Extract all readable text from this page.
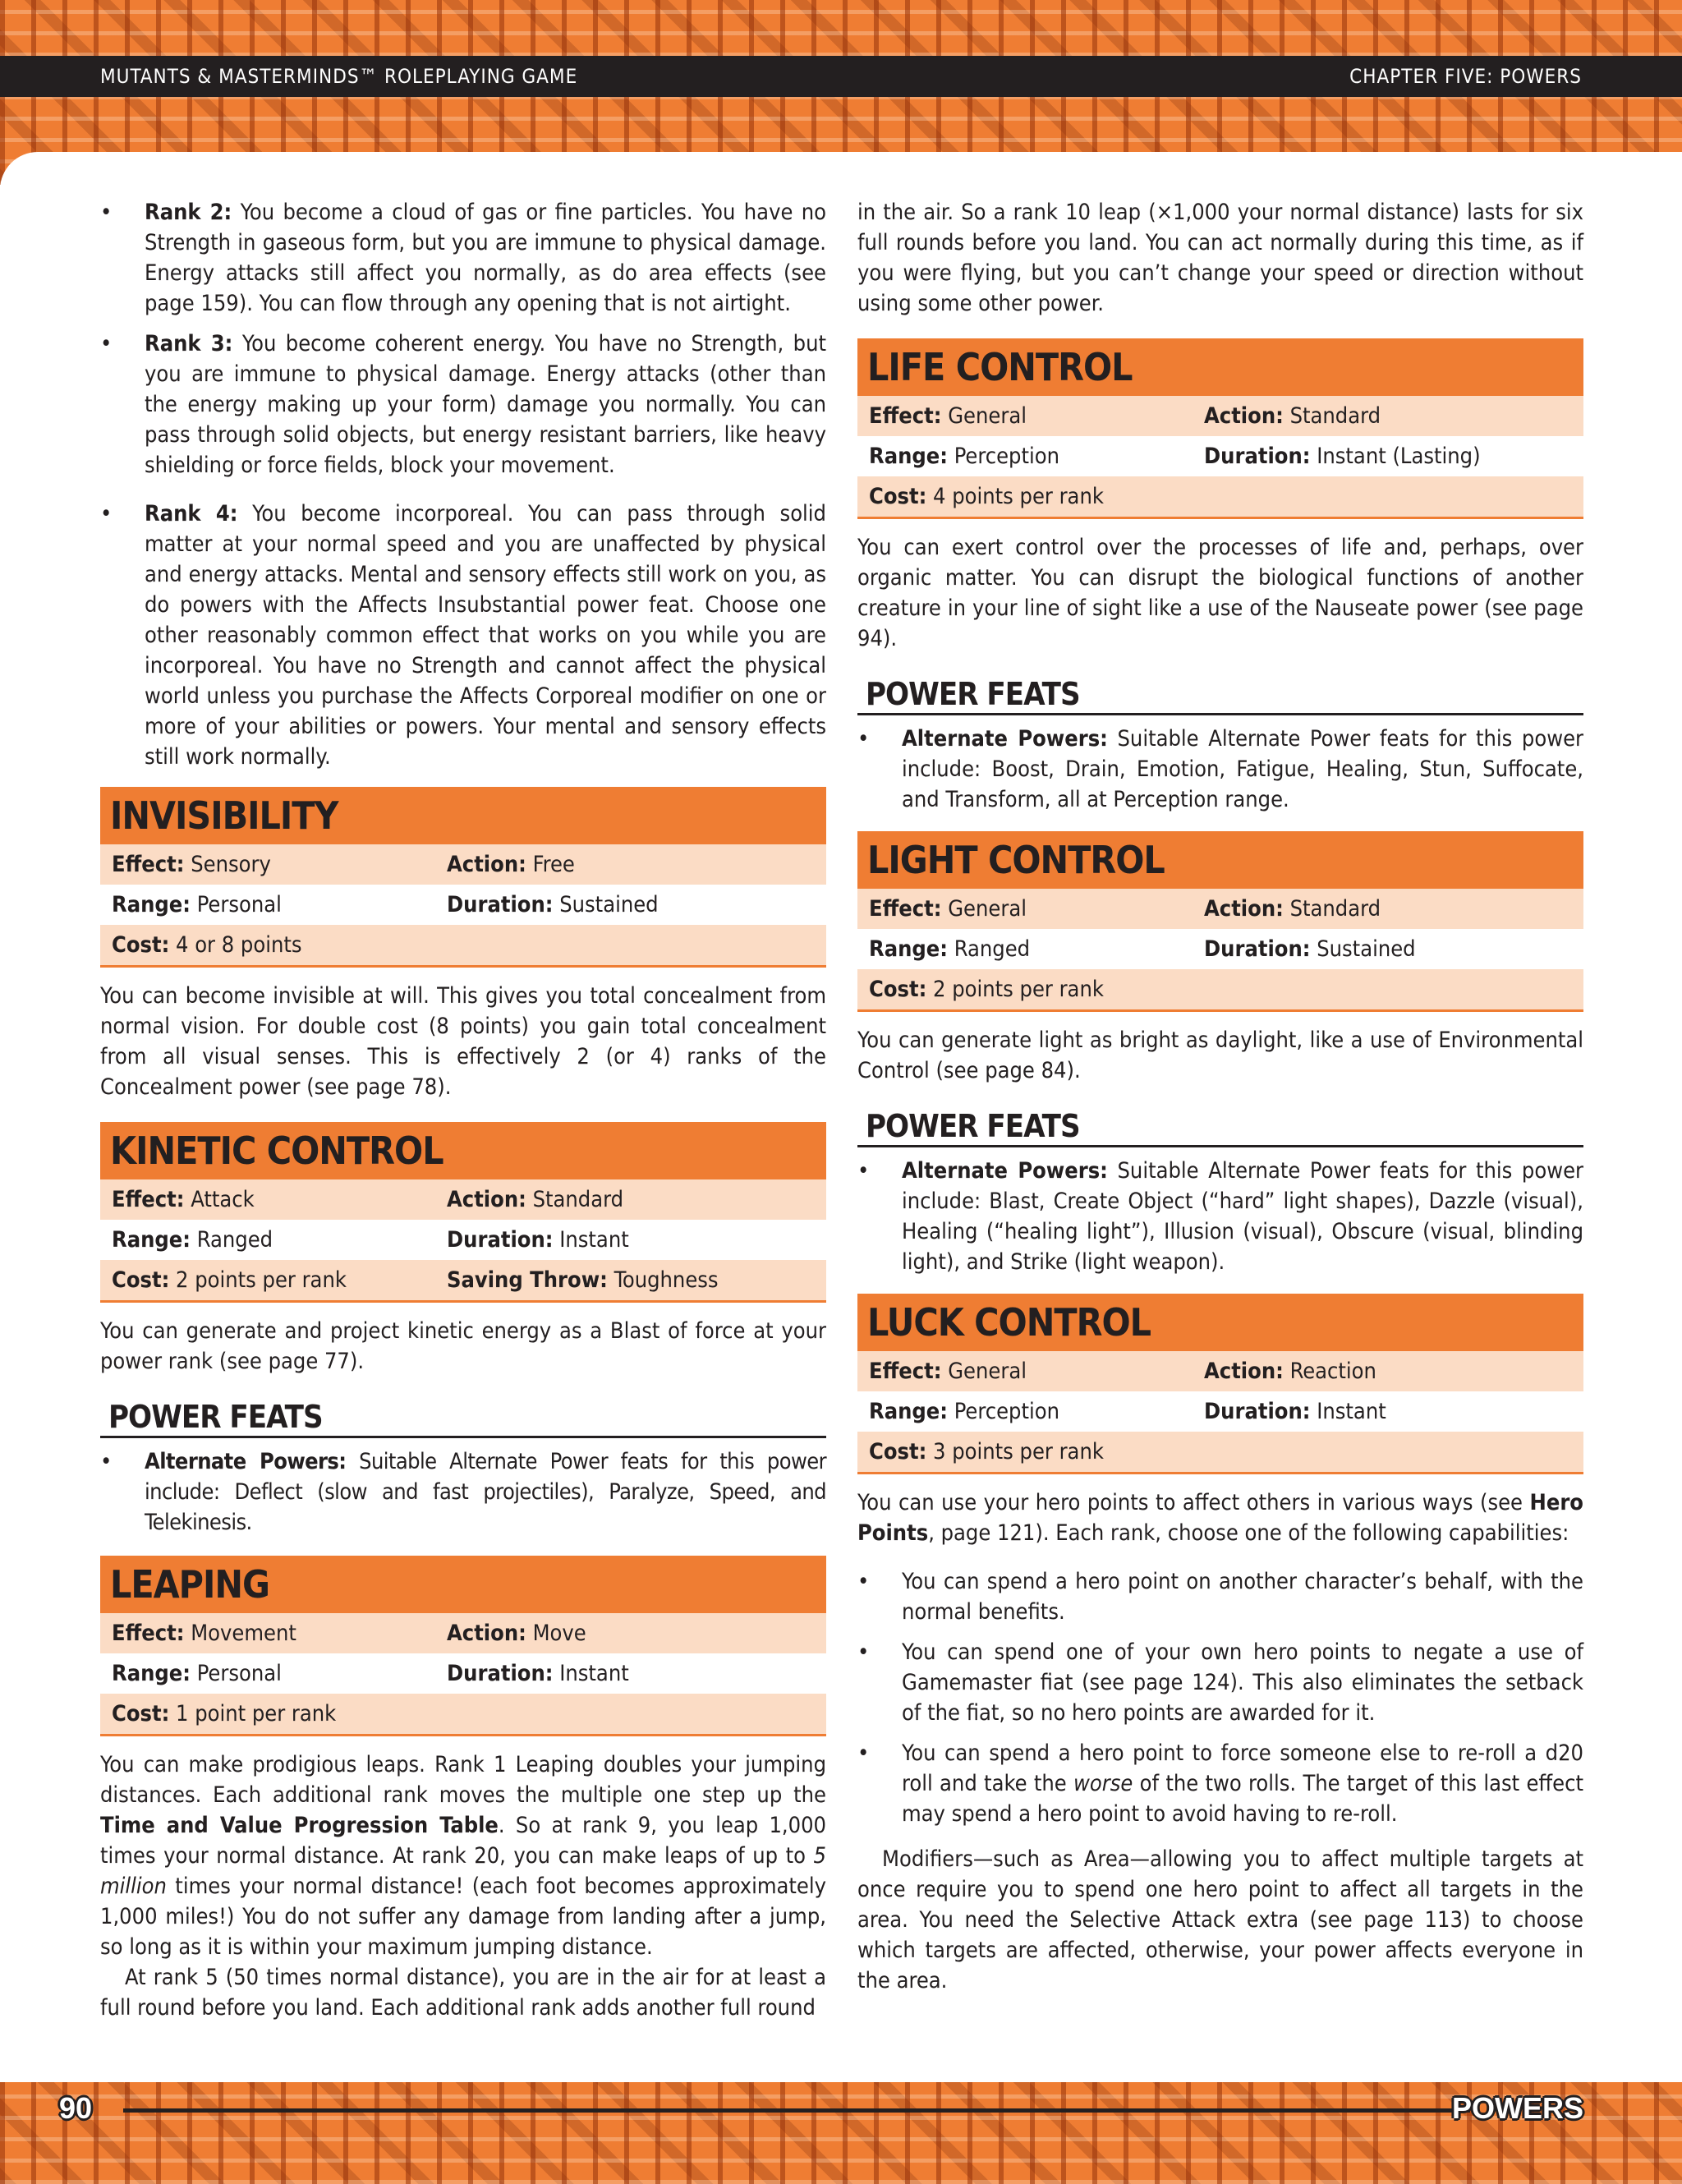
MUTANTS & MASTERMINDS™ ROLEPLAYING GAME	CHAPTER FIVE: POWERS
90	POWERS
• Rank 2: You become a cloud of gas or fine particles. You have no Strength in gaseous form, but you are immune to physical damage. Energy attacks still affect you normally, as do area effects (see page 159). You can flow through any opening that is not airtight.
• Rank 3: You become coherent energy. You have no Strength, but you are immune to physical damage. Energy attacks (other than the energy making up your form) damage you normally. You can pass through solid objects, but energy resistant barriers, like heavy shielding or force fields, block your movement.
• Rank 4: You become incorporeal. You can pass through solid matter at your normal speed and you are unaffected by physical and energy attacks. Mental and sensory effects still work on you, as do powers with the Affects Insubstantial power feat. Choose one other reasonably common effect that works on you while you are incorporeal. You have no Strength and cannot affect the physical world unless you purchase the Affects Corporeal modifier on one or more of your abilities or powers. Your mental and sensory effects still work normally.
INVISIBILITY
Effect: Sensory	Action: Free
Range: Personal	Duration: Sustained
Cost: 4 or 8 points

You can become invisible at will. This gives you total concealment from normal vision. For double cost (8 points) you gain total concealment from all visual senses. This is effectively 2 (or 4) ranks of the Concealment power (see page 78).

KINETIC CONTROL
Effect: Attack	Action: Standard
Range: Ranged	Duration: Instant
Cost: 2 points per rank	Saving Throw: Toughness

You can generate and project kinetic energy as a Blast of force at your power rank (see page 77).

POWER FEATS
• Alternate Powers: Suitable Alternate Power feats for this power include: Deflect (slow and fast projectiles), Paralyze, Speed, and Telekinesis.
LEAPING
Effect: Movement	Action: Move
Range: Personal	Duration: Instant
Cost: 1 point per rank

You can make prodigious leaps. Rank 1 Leaping doubles your jumping distances. Each additional rank moves the multiple one step up the Time and Value Progression Table. So at rank 9, you leap 1,000 times your normal distance. At rank 20, you can make leaps of up to 5 million times your normal distance! (each foot becomes approximately 1,000 miles!) You do not suffer any damage from landing after a jump, so long as it is within your maximum jumping distance.

At rank 5 (50 times normal distance), you are in the air for at least a full round before you land. Each additional rank adds another full round

in the air. So a rank 10 leap (×1,000 your normal distance) lasts for six full rounds before you land. You can act normally during this time, as if you were flying, but you can’t change your speed or direction without using some other power.

LIFE CONTROL
Effect: General	Action: Standard
Range: Perception	Duration: Instant (Lasting)
Cost: 4 points per rank

You can exert control over the processes of life and, perhaps, over organic matter. You can disrupt the biological functions of another creature in your line of sight like a use of the Nauseate power (see page 94).

POWER FEATS
• Alternate Powers: Suitable Alternate Power feats for this power include: Boost, Drain, Emotion, Fatigue, Healing, Stun, Suffocate, and Transform, all at Perception range.
LIGHT CONTROL
Effect: General	Action: Standard
Range: Ranged	Duration: Sustained
Cost: 2 points per rank

You can generate light as bright as daylight, like a use of Environmental Control (see page 84).

POWER FEATS
• Alternate Powers: Suitable Alternate Power feats for this power include: Blast, Create Object (“hard” light shapes), Dazzle (visual), Healing (“healing light”), Illusion (visual), Obscure (visual, blinding light), and Strike (light weapon).
LUCK CONTROL
Effect: General	Action: Reaction
Range: Perception	Duration: Instant
Cost: 3 points per rank

You can use your hero points to affect others in various ways (see Hero Points, page 121). Each rank, choose one of the following capabilities:

• You can spend a hero point on another character’s behalf, with the normal benefits.
• You can spend one of your own hero points to negate a use of Gamemaster fiat (see page 124). This also eliminates the setback of the fiat, so no hero points are awarded for it.
• You can spend a hero point to force someone else to re-roll a d20 roll and take the worse of the two rolls. The target of this last effect may spend a hero point to avoid having to re-roll.

Modifiers—such as Area—allowing you to affect multiple targets at once require you to spend one hero point to affect all targets in the area. You need the Selective Attack extra (see page 113) to choose which targets are affected, otherwise, your power affects everyone in the area.
